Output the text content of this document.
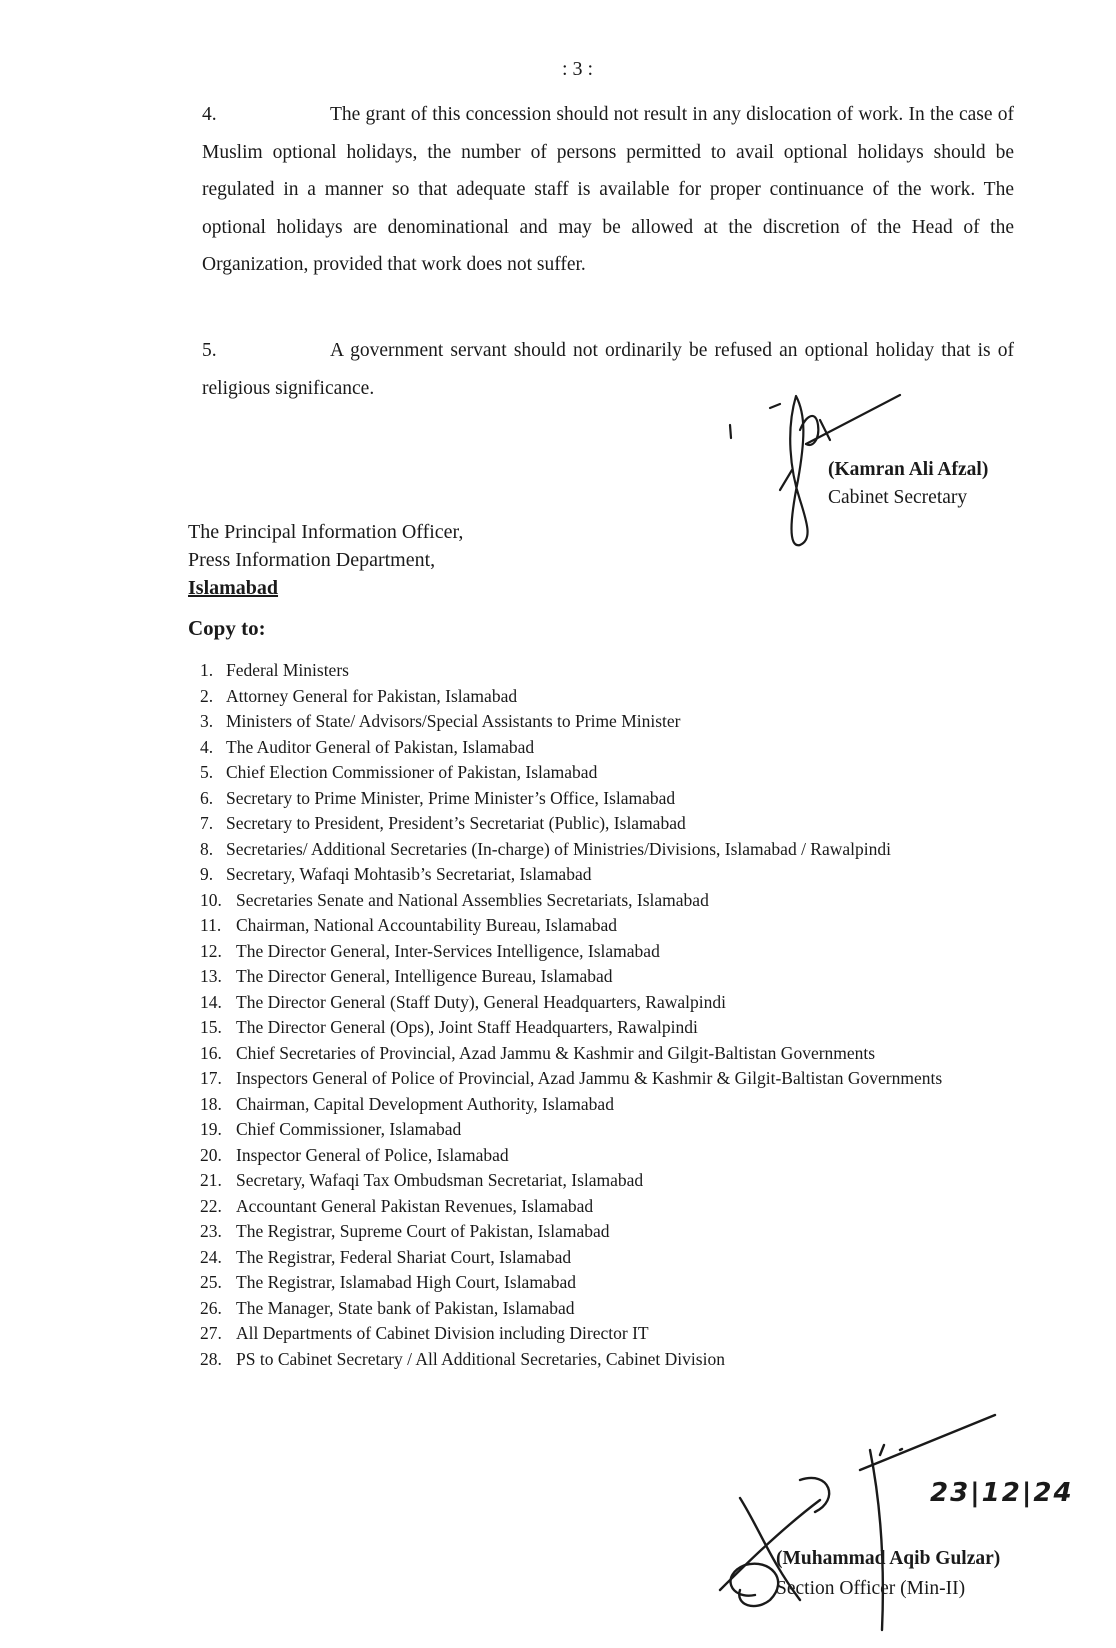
: 3 :
4.	The grant of this concession should not result in any dislocation of work. In the case of Muslim optional holidays, the number of persons permitted to avail optional holidays should be regulated in a manner so that adequate staff is available for proper continuance of the work. The optional holidays are denominational and may be allowed at the discretion of the Head of the Organization, provided that work does not suffer.
5.	A government servant should not ordinarily be refused an optional holiday that is of religious significance.
(Kamran Ali Afzal)
Cabinet Secretary
The Principal Information Officer,
Press Information Department,
Islamabad
Copy to:
1. Federal Ministers
2. Attorney General for Pakistan, Islamabad
3. Ministers of State/ Advisors/Special Assistants to Prime Minister
4. The Auditor General of Pakistan, Islamabad
5. Chief Election Commissioner of Pakistan, Islamabad
6. Secretary to Prime Minister, Prime Minister’s Office, Islamabad
7. Secretary to President, President’s Secretariat (Public), Islamabad
8. Secretaries/ Additional Secretaries (In-charge) of Ministries/Divisions, Islamabad / Rawalpindi
9. Secretary, Wafaqi Mohtasib’s Secretariat, Islamabad
10. Secretaries Senate and National Assemblies Secretariats, Islamabad
11. Chairman, National Accountability Bureau, Islamabad
12. The Director General, Inter-Services Intelligence, Islamabad
13. The Director General, Intelligence Bureau, Islamabad
14. The Director General (Staff Duty), General Headquarters, Rawalpindi
15. The Director General (Ops), Joint Staff Headquarters, Rawalpindi
16. Chief Secretaries of Provincial, Azad Jammu & Kashmir and Gilgit-Baltistan Governments
17. Inspectors General of Police of Provincial, Azad Jammu & Kashmir & Gilgit-Baltistan Governments
18. Chairman, Capital Development Authority, Islamabad
19. Chief Commissioner, Islamabad
20. Inspector General of Police, Islamabad
21. Secretary, Wafaqi Tax Ombudsman Secretariat, Islamabad
22. Accountant General Pakistan Revenues, Islamabad
23. The Registrar, Supreme Court of Pakistan, Islamabad
24. The Registrar, Federal Shariat Court, Islamabad
25. The Registrar, Islamabad High Court, Islamabad
26. The Manager, State bank of Pakistan, Islamabad
27. All Departments of Cabinet Division including Director IT
28. PS to Cabinet Secretary / All Additional Secretaries, Cabinet Division
23|12|24
(Muhammad Aqib Gulzar)
Section Officer (Min-II)
